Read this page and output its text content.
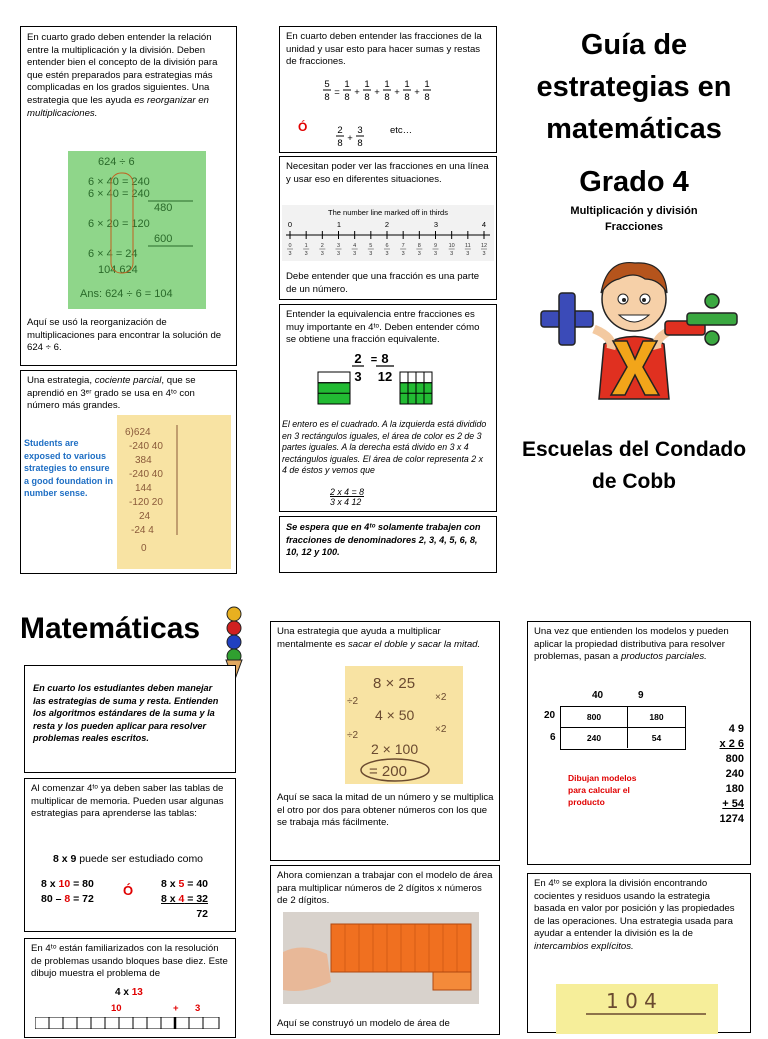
En cuarto grado deben entender la relación entre la multiplicación y la división. Deben entender bien el concepto de la división para que estén preparados para estrategias más complicadas en los grados siguientes. Una estrategia que les ayuda es reorganizar en multiplicaciones.
624 ÷ 6
6 × 40 = 240
6 × 40 = 240
480
6 × 20 = 120
600
6 × 4 = 24
104 624
Ans: 624 ÷ 6 = 104
Aquí se usó la reorganización de multiplicaciones para encontrar la solución de 624 ÷ 6.
Una estrategia, cociente parcial, que se aprendió en 3ᵉʳ grado se usa en 4ᵗᵒ con número más grandes.
Students are exposed to various strategies to ensure a good foundation in number sense.
6)624
-240 40
384
-240 40
144
-120 20
24
-24 4
0
En cuarto deben entender las fracciones de la unidad y usar esto para hacer sumas y restas de fracciones.
5
8 =
1
8 +
1
8 +
1
8 +
1
8 +
1
8
Ó	2
8 +
3
8
etc…
Necesitan poder ver las fracciones en una línea y usar eso en diferentes situaciones.
The number line marked off in thirds
0	1	2	3	4
0
3
1
3
2
3
3
3
4
3
5
3
6
3
7
3
8
3
9
3
10
3
11
3
12
3
Debe entender que una fracción es una parte de un número.
Entender la equivalencia entre fracciones es muy importante en 4ᵗᵒ. Deben entender cómo se obtiene una fracción equivalente.
2
3
= 8
12
El entero es el cuadrado. A la izquierda está dividido en 3 rectángulos iguales, el área de color es 2 de 3 partes iguales. A la derecha está divido en 3 x 4 rectángulos iguales. El área de color representa 2 x 4 de éstos y vemos que
2 x 4 = 8
3 x 4 12
Se espera que en 4ᵗᵒ solamente trabajen con fracciones de denominadores 2, 3, 4, 5, 6, 8, 10, 12 y 100.
Guía de
estrategias en
matemáticas
Grado 4
Multiplicación y división
Fracciones
Escuelas del Condado
de Cobb
Matemáticas
En cuarto los estudiantes deben manejar las estrategias de suma y resta. Entienden los algoritmos estándares de la suma y la resta y los pueden aplicar para resolver problemas reales escritos.
Al comenzar 4ᵗᵒ ya deben saber las tablas de multiplicar de memoria. Pueden usar algunas estrategias para aprenderse las tablas:
8 x 9 puede ser estudiado como
8 x 10 = 80
80 – 8 = 72
Ó	8 x 5 = 40
8 x 4 = 32
72
En 4ᵗᵒ están familiarizados con la resolución de problemas usando bloques base diez. Este dibujo muestra el problema de
4 x 13
10	+ 3
Una estrategia que ayuda a multiplicar mentalmente es sacar el doble y sacar la mitad.
8 × 25
÷2	×2
4 × 50
÷2
×2
2 × 100
= 200
Aquí se saca la mitad de un número y se multiplica el otro por dos para obtener números con los que se trabaja más fácilmente.
Ahora comienzan a trabajar con el modelo de área para multiplicar números de 2 dígitos x números de 2 dígitos.
Aquí se construyó un modelo de área de
Una vez que entienden los modelos y pueden aplicar la propiedad distributiva para resolver problemas, pasan a productos parciales.
40	9
20
6
800	180
240	54
Dibujan modelos para calcular el producto
4 9
x 2 6
800
240
180
+ 54
1274
En 4ᵗᵒ se explora la división encontrando cocientes y residuos usando la estrategia basada en valor por posición y las propiedades de las operaciones. Una estrategia usada para ayudar a entender la división es la de intercambios explícitos.
1 0 4
